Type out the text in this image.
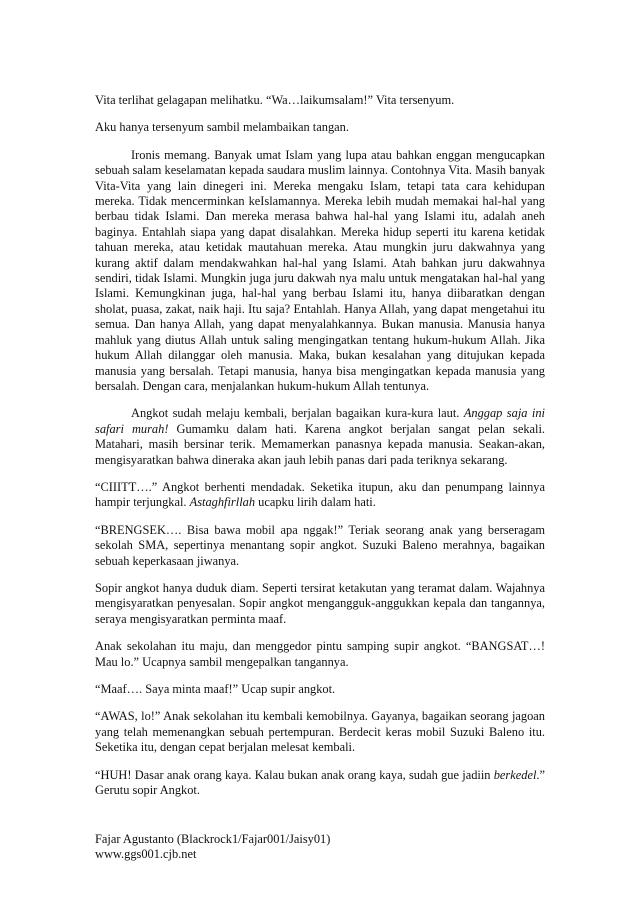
Vita terlihat gelagapan melihatku. “Wa…laikumsalam!” Vita tersenyum.

Aku hanya tersenyum sambil melambaikan tangan.

Ironis memang. Banyak umat Islam yang lupa atau bahkan enggan mengucapkan sebuah salam keselamatan kepada saudara muslim lainnya. Contohnya Vita. Masih banyak Vita-Vita yang lain dinegeri ini. Mereka mengaku Islam, tetapi tata cara kehidupan mereka. Tidak mencerminkan keIslamannya. Mereka lebih mudah memakai hal-hal yang berbau tidak Islami. Dan mereka merasa bahwa hal-hal yang Islami itu, adalah aneh baginya. Entahlah siapa yang dapat disalahkan. Mereka hidup seperti itu karena ketidak tahuan mereka, atau ketidak mautahuan mereka. Atau mungkin juru dakwahnya yang kurang aktif dalam mendakwahkan hal-hal yang Islami. Atah bahkan juru dakwahnya sendiri, tidak Islami. Mungkin juga juru dakwah nya malu untuk mengatakan hal-hal yang Islami. Kemungkinan juga, hal-hal yang berbau Islami itu, hanya diibaratkan dengan sholat, puasa, zakat, naik haji. Itu saja? Entahlah. Hanya Allah, yang dapat mengetahui itu semua. Dan hanya Allah, yang dapat menyalahkannya. Bukan manusia. Manusia hanya mahluk yang diutus Allah untuk saling mengingatkan tentang hukum-hukum Allah. Jika hukum Allah dilanggar oleh manusia. Maka, bukan kesalahan yang ditujukan kepada manusia yang bersalah. Tetapi manusia, hanya bisa mengingatkan kepada manusia yang bersalah. Dengan cara, menjalankan hukum-hukum Allah tentunya.

Angkot sudah melaju kembali, berjalan bagaikan kura-kura laut. Anggap saja ini safari murah! Gumamku dalam hati. Karena angkot berjalan sangat pelan sekali. Matahari, masih bersinar terik. Memamerkan panasnya kepada manusia. Seakan-akan, mengisyaratkan bahwa dineraka akan jauh lebih panas dari pada teriknya sekarang.

“CIIITT….” Angkot berhenti mendadak. Seketika itupun, aku dan penumpang lainnya hampir terjungkal. Astaghfirllah ucapku lirih dalam hati.

“BRENGSEK…. Bisa bawa mobil apa nggak!” Teriak seorang anak yang berseragam sekolah SMA, sepertinya menantang sopir angkot. Suzuki Baleno merahnya, bagaikan sebuah keperkasaan jiwanya.

Sopir angkot hanya duduk diam. Seperti tersirat ketakutan yang teramat dalam. Wajahnya mengisyaratkan penyesalan. Sopir angkot mengangguk-anggukkan kepala dan tangannya, seraya mengisyaratkan perminta maaf.

Anak sekolahan itu maju, dan menggedor pintu samping supir angkot. “BANGSAT…! Mau lo.” Ucapnya sambil mengepalkan tangannya.

“Maaf…. Saya minta maaf!” Ucap supir angkot.

“AWAS, lo!” Anak sekolahan itu kembali kemobilnya. Gayanya, bagaikan seorang jagoan yang telah memenangkan sebuah pertempuran. Berdecit keras mobil Suzuki Baleno itu. Seketika itu, dengan cepat berjalan melesat kembali.

“HUH! Dasar anak orang kaya. Kalau bukan anak orang kaya, sudah gue jadiin berkedel.” Gerutu sopir Angkot.

Fajar Agustanto (Blackrock1/Fajar001/Jaisy01)
www.ggs001.cjb.net
